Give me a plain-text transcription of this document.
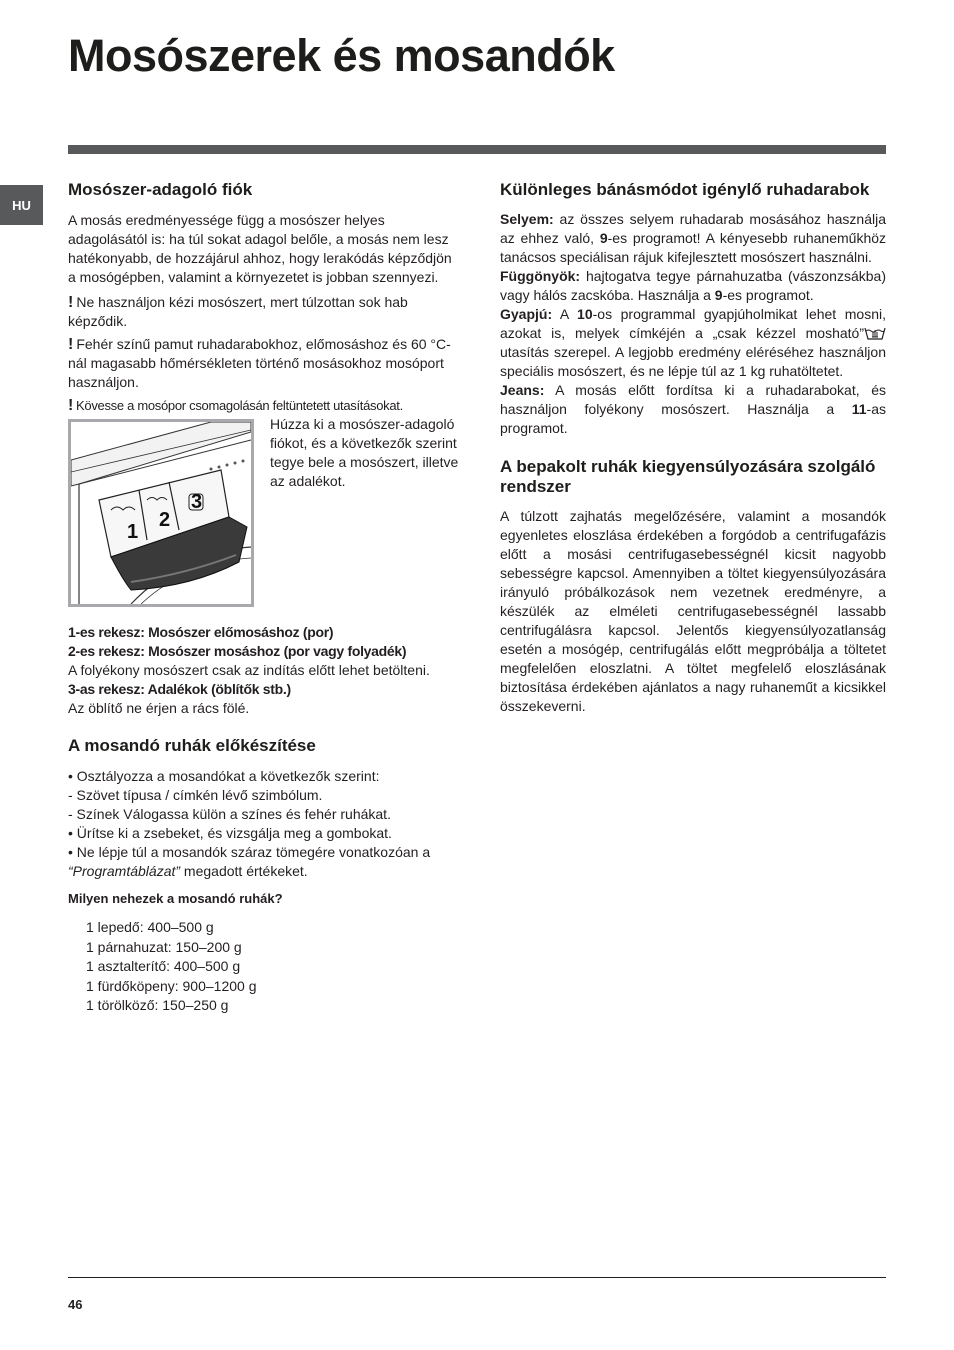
Mosószerek és mosandók
HU
Mosószer-adagoló fiók

A mosás eredményessége függ a mosószer helyes adagolásától is: ha túl sokat adagol belőle, a mosás nem lesz hatékonyabb, de hozzájárul ahhoz, hogy lerakódás képződjön a mosógépben, valamint a környezetet is jobban szennyezi.

! Ne használjon kézi mosószert, mert túlzottan sok hab képződik.

! Fehér színű pamut ruhadarabokhoz, előmosáshoz és 60 °C-nál magasabb hőmérsékleten történő mosásokhoz mosóport használjon.

! Kövesse a mosópor csomagolásán feltüntetett utasításokat.

1
2
3

Húzza ki a mosószer-adagoló fiókot, és a következők szerint tegye bele a mosószert, illetve az adalékot.

1-es rekesz: Mosószer előmosáshoz (por)

2-es rekesz: Mosószer mosáshoz (por vagy folyadék)

A folyékony mosószert csak az indítás előtt lehet betölteni.

3-as rekesz: Adalékok (öblítők stb.)

Az öblítő ne érjen a rács fölé.

A mosandó ruhák előkészítése

• Osztályozza a mosandókat a következők szerint:

- Szövet típusa / címkén lévő szimbólum.

- Színek Válogassa külön a színes és fehér ruhákat.

• Ürítse ki a zsebeket, és vizsgálja meg a gombokat.

• Ne lépje túl a mosandók száraz tömegére vonatkozóan a “Programtáblázat” megadott értékeket.

Milyen nehezek a mosandó ruhák?

1 lepedő: 400–500 g
1 párnahuzat: 150–200 g
1 asztalterítő: 400–500 g
1 fürdőköpeny: 900–1200 g
1 törölköző: 150–250 g
Különleges bánásmódot igénylő ruhadarabok

Selyem: az összes selyem ruhadarab mosásához használja az ehhez való, 9-es programot! A kényesebb ruhaneműkhöz tanácsos speciálisan rájuk kifejlesztett mosószert használni.

Függönyök: hajtogatva tegye párnahuzatba (vászonzsákba) vagy hálós zacskóba. Használja a 9-es programot.

Gyapjú: A 10-os programmal gyapjúholmikat lehet mosni, azokat is, melyek címkéjén a „csak kézzel mosható” utasítás szerepel. A legjobb eredmény eléréséhez használjon speciális mosószert, és ne lépje túl az 1 kg ruhatöltetet.

Jeans: A mosás előtt fordítsa ki a ruhadarabokat, és használjon folyékony mosószert. Használja a 11-as programot.

A bepakolt ruhák kiegyensúlyozására szolgáló rendszer

A túlzott zajhatás megelőzésére, valamint a mosandók egyenletes eloszlása érdekében a forgódob a centrifugafázis előtt a mosási centrifugasebességnél kicsit nagyobb sebességre kapcsol. Amennyiben a töltet kiegyensúlyozására irányuló próbálkozások nem vezetnek eredményre, a készülék az elméleti centrifugasebességnél lassabb centrifugálásra kapcsol. Jelentős kiegyensúlyozatlanság esetén a mosógép, centrifugálás előtt megpróbálja a töltetet megfelelően eloszlatni. A töltet megfelelő eloszlásának biztosítása érdekében ajánlatos a nagy ruhaneműt a kicsikkel összekeverni.

46
